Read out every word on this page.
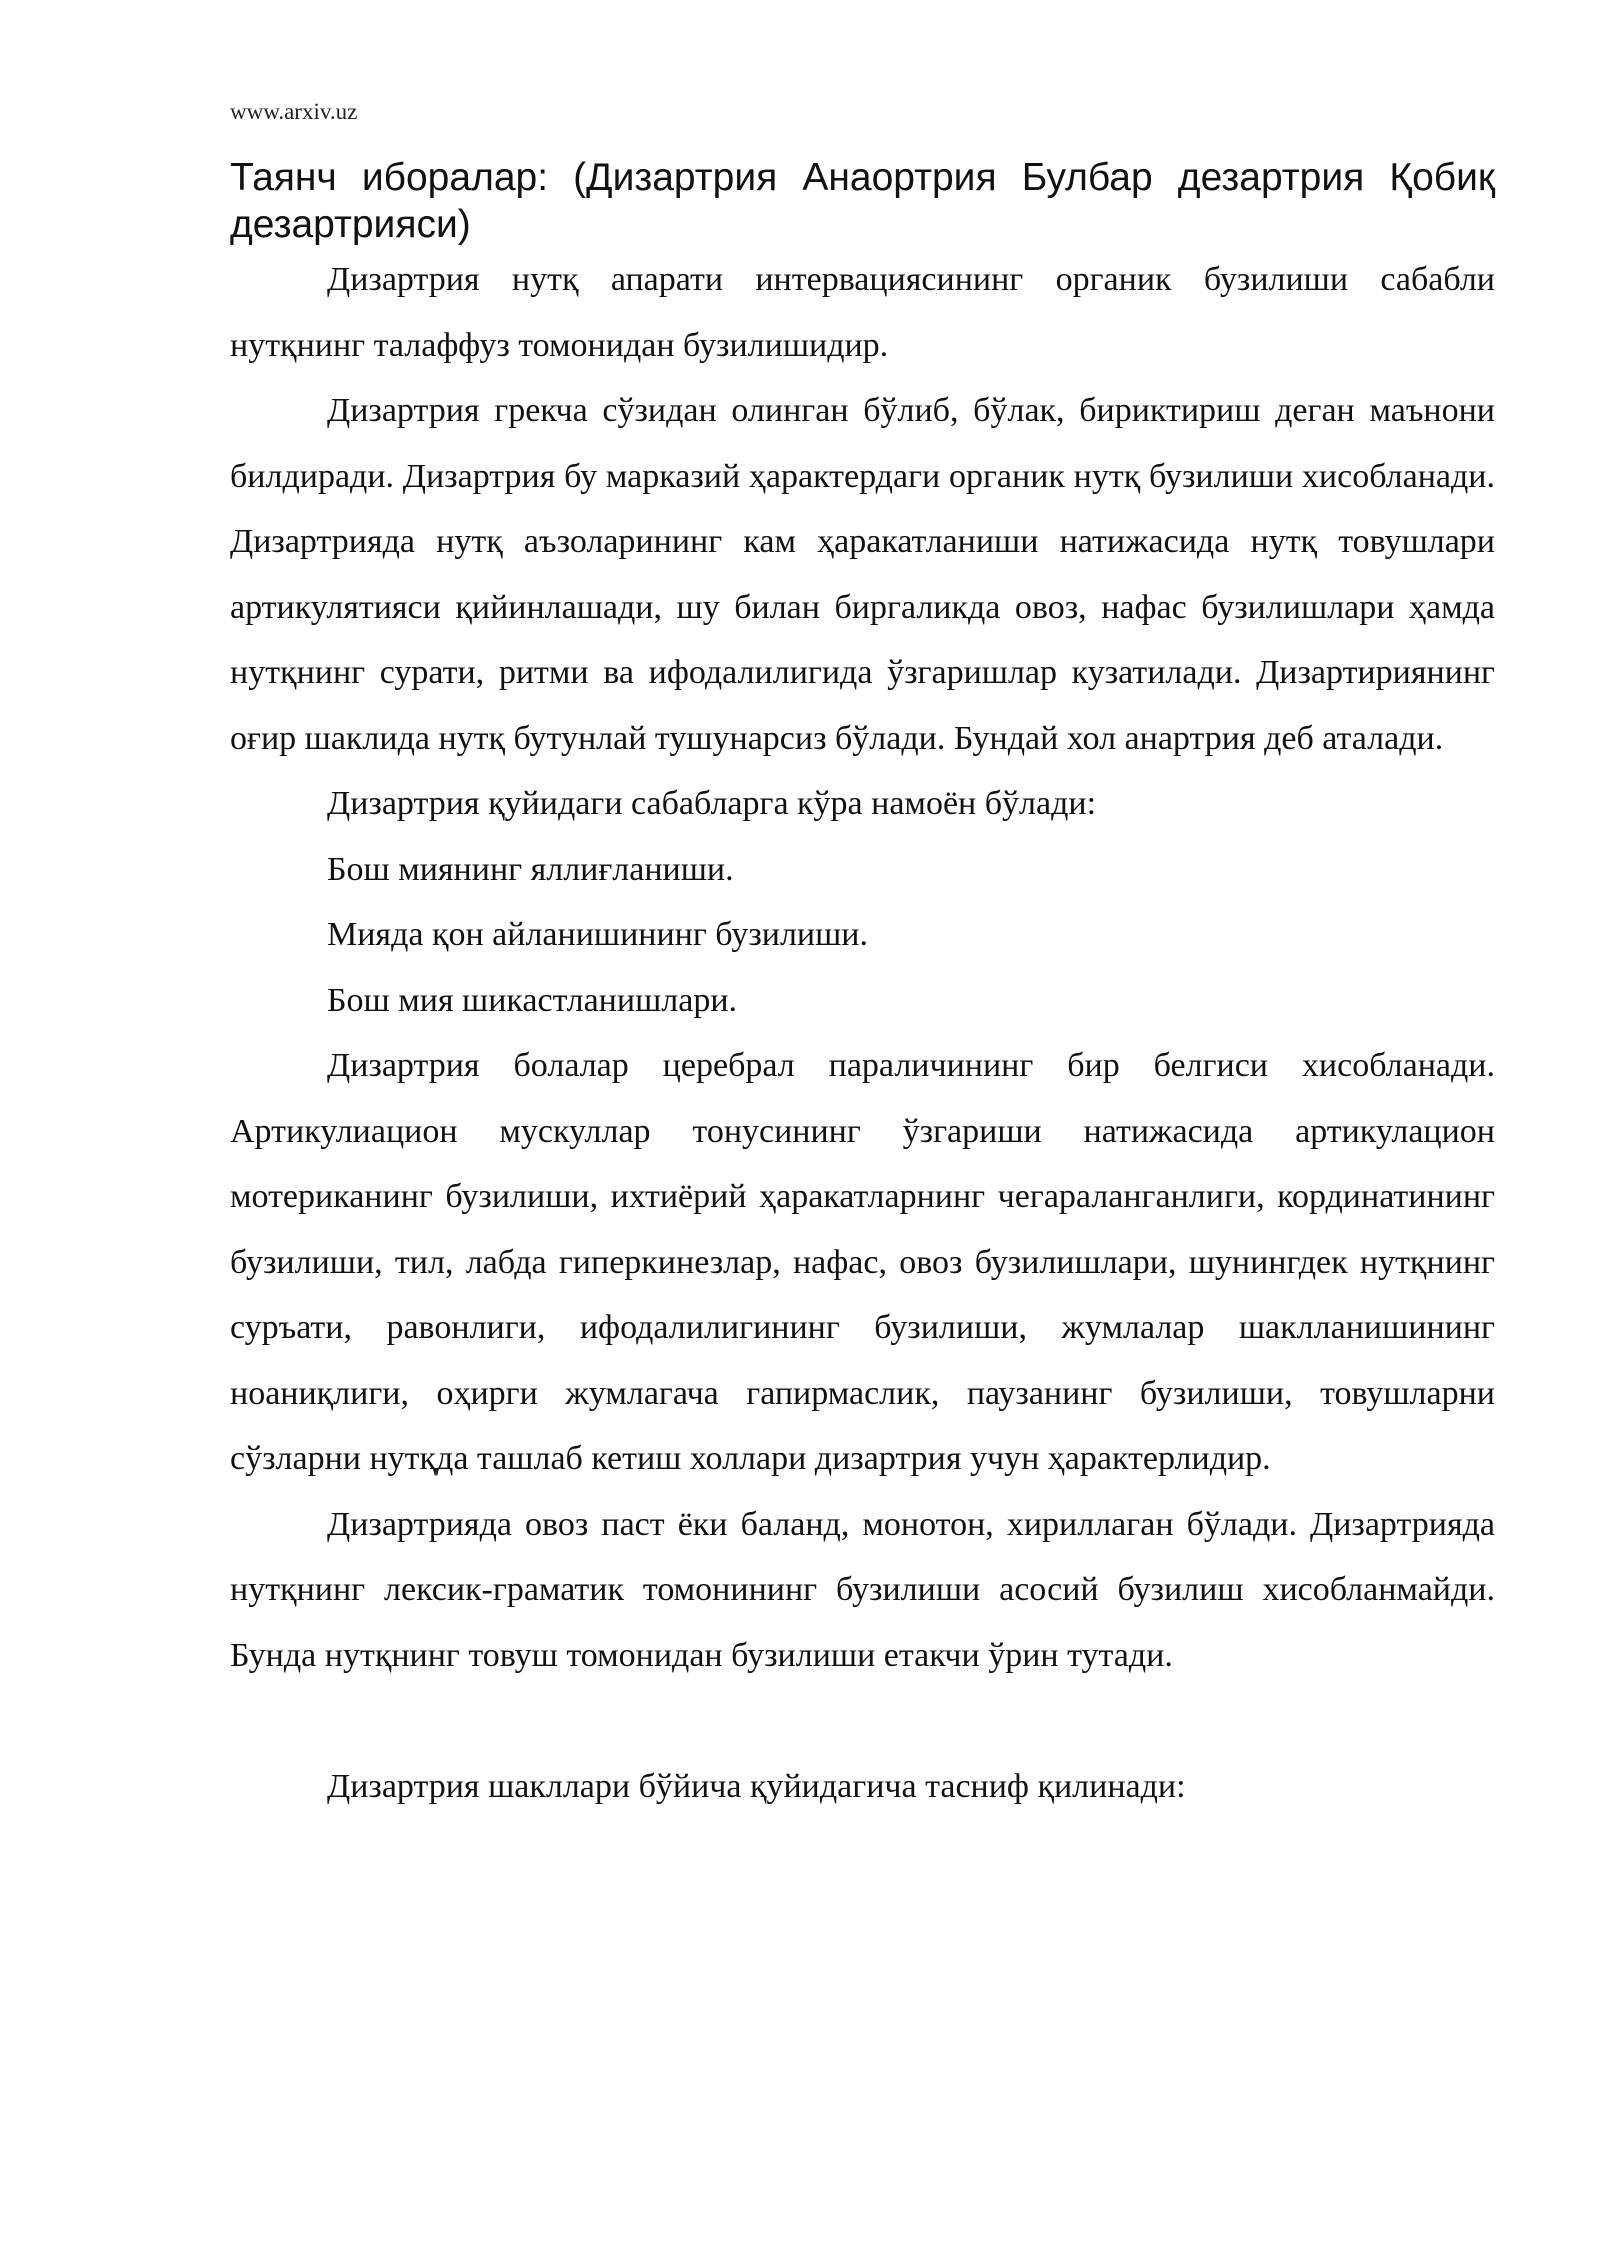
www.arxiv.uz
Таянч иборалар: (Дизартрия Анаортрия Булбар дезартрия Қобиқ дезартрияси)

Дизартрия нутқ апарати интервациясининг органик бузилиши сабабли нутқнинг талаффуз томонидан бузилишидир.

Дизартрия грекча сўзидан олинган бўлиб, бўлак, бириктириш деган маънони билдиради. Дизартрия бу марказий ҳарактердаги органик нутқ бузилиши хисобланади. Дизартрияда нутқ аъзоларининг кам ҳаракатланиши натижасида нутқ товушлари артикулятияси қийинлашади, шу билан биргаликда овоз, нафас бузилишлари ҳамда нутқнинг сурати, ритми ва ифодалилигида ўзгаришлар кузатилади. Дизартириянинг оғир шаклида нутқ бутунлай тушунарсиз бўлади. Бундай хол анартрия деб аталади.

Дизартрия қуйидаги сабабларга кўра намоён бўлади:

Бош миянинг яллиғланиши.

Мияда қон айланишининг бузилиши.

Бош мия шикастланишлари.

Дизартрия болалар церебрал параличининг бир белгиси хисобланади. Артикулиацион мускуллар тонусининг ўзгариши натижасида артикулацион мотериканинг бузилиши, ихтиёрий ҳаракатларнинг чегараланганлиги, кординатининг бузилиши, тил, лабда гиперкинезлар, нафас, овоз бузилишлари, шунингдек нутқнинг суръати, равонлиги, ифодалилигининг бузилиши, жумлалар шаклланишининг ноаниқлиги, оҳирги жумлагача гапирмаслик, паузанинг бузилиши, товушларни сўзларни нутқда ташлаб кетиш холлари дизартрия учун ҳарактерлидир.

Дизартрияда овоз паст ёки баланд, монотон, хириллаган бўлади. Дизартрияда нутқнинг лексик-граматик томонининг бузилиши асосий бузилиш хисобланмайди. Бунда нутқнинг товуш томонидан бузилиши етакчи ўрин тутади.

Дизартрия шакллари бўйича қуйидагича тасниф қилинади:
